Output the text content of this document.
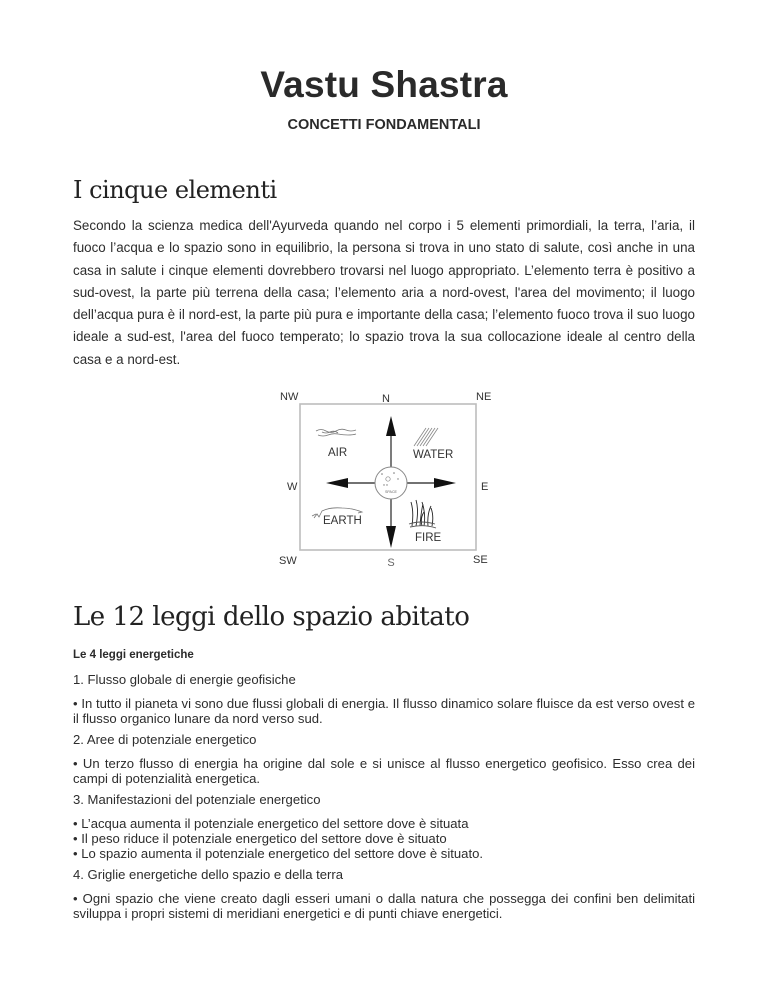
Vastu Shastra
CONCETTI FONDAMENTALI
I cinque elementi

Secondo la scienza medica dell'Ayurveda quando nel corpo i 5 elementi primordiali, la terra, l’aria, il fuoco l’acqua e lo spazio sono in equilibrio, la persona si trova in uno stato di salute, così anche in una casa in salute i cinque elementi dovrebbero trovarsi nel luogo appropriato. L’elemento terra è positivo a sud-ovest, la parte più terrena della casa; l’elemento aria a nord-ovest, l'area del movimento; il luogo dell’acqua pura è il nord-est, la parte più pura e importante della casa; l’elemento fuoco trova il suo luogo ideale a sud-est, l'area del fuoco temperato; lo spazio trova la sua collocazione ideale al centro della casa e a nord-est.

NW	N	NE
W	E
SW	S	SE
SPACE
AIR	WATER
EARTH
FIRE
Le 12 leggi dello spazio abitato
Le 4 leggi energetiche

1. Flusso globale di energie geofisiche

• In tutto il pianeta vi sono due flussi globali di energia. Il flusso dinamico solare fluisce da est verso ovest e il flusso organico lunare da nord verso sud.

2. Aree di potenziale energetico

• Un terzo flusso di energia ha origine dal sole e si unisce al flusso energetico geofisico. Esso crea dei campi di potenzialità energetica.

3. Manifestazioni del potenziale energetico

• L’acqua aumenta il potenziale energetico del settore dove è situata

• Il peso riduce il potenziale energetico del settore dove è situato

• Lo spazio aumenta il potenziale energetico del settore dove è situato.

4. Griglie energetiche dello spazio e della terra

• Ogni spazio che viene creato dagli esseri umani o dalla natura che possegga dei confini ben delimitati sviluppa i propri sistemi di meridiani energetici e di punti chiave energetici.
